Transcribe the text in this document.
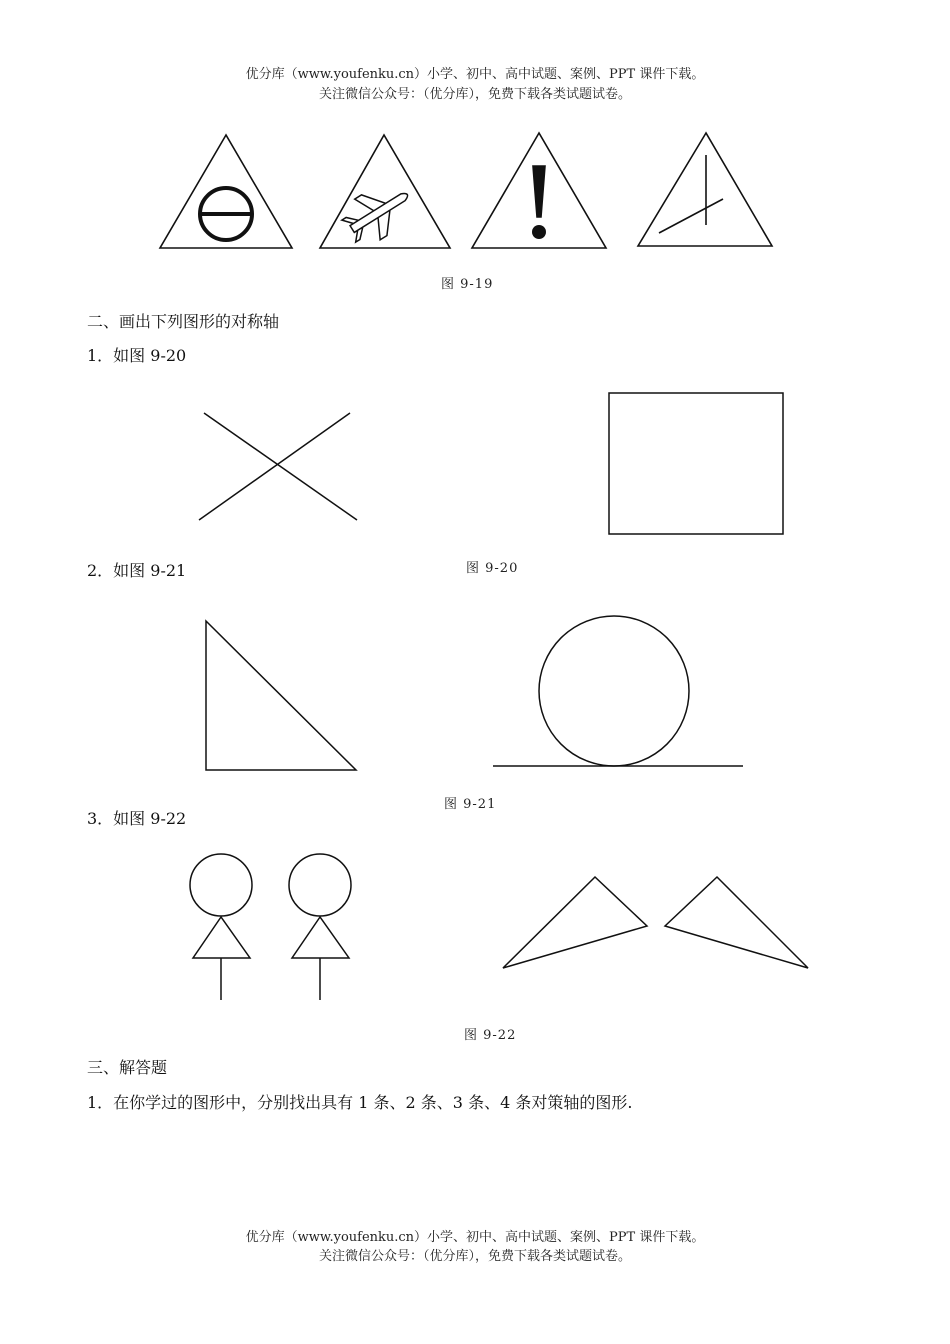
优分库（www.youfenku.cn）小学、初中、高中试题、案例、PPT 课件下载。
关注微信公众号：（优分库），免费下载各类试题试卷。
图 9-19
二、画出下列图形的对称轴
1．如图 9-20
2．如图 9-21	图 9-20
图 9-21
3．如图 9-22
图 9-22
三、解答题
1．在你学过的图形中，分别找出具有 1 条、2 条、3 条、4 条对策轴的图形.
优分库（www.youfenku.cn）小学、初中、高中试题、案例、PPT 课件下载。
关注微信公众号：（优分库），免费下载各类试题试卷。
